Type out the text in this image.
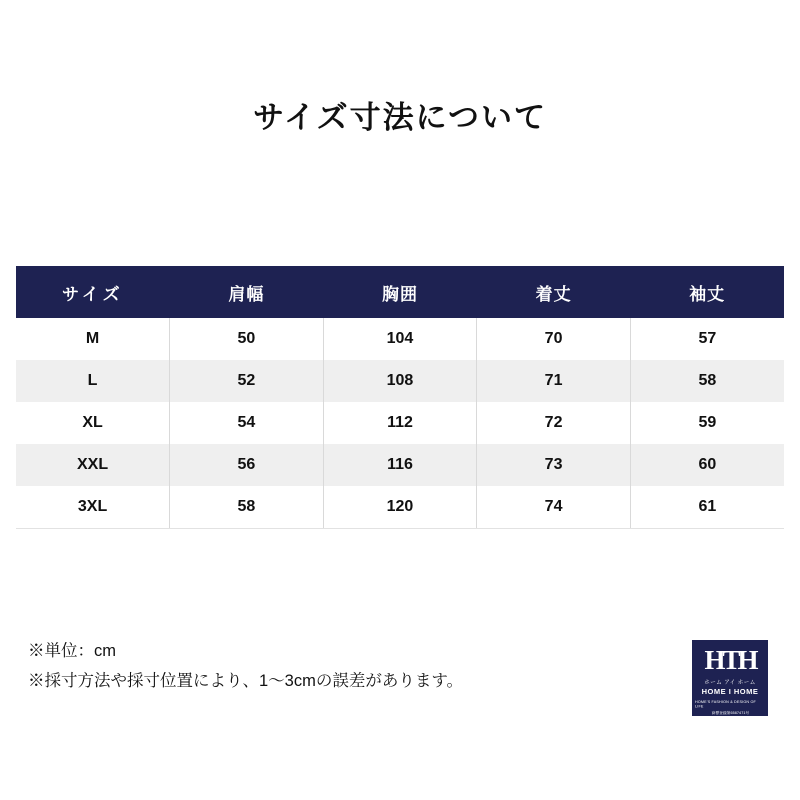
サイズ寸法について
サイズ	肩幅	胸囲	着丈	袖丈
M	50	104	70	57
L	52	108	71	58
XL	54	112	72	59
XXL	56	116	73	60
3XL	58	120	74	61
※単位：cm
※採寸方法や採寸位置により、1〜3cmの誤差があります。
HTH
ホーム アイ ホーム
HOME I HOME
HOME'S FASHION & DESIGN OF LIFE
商標登録第6587471号
